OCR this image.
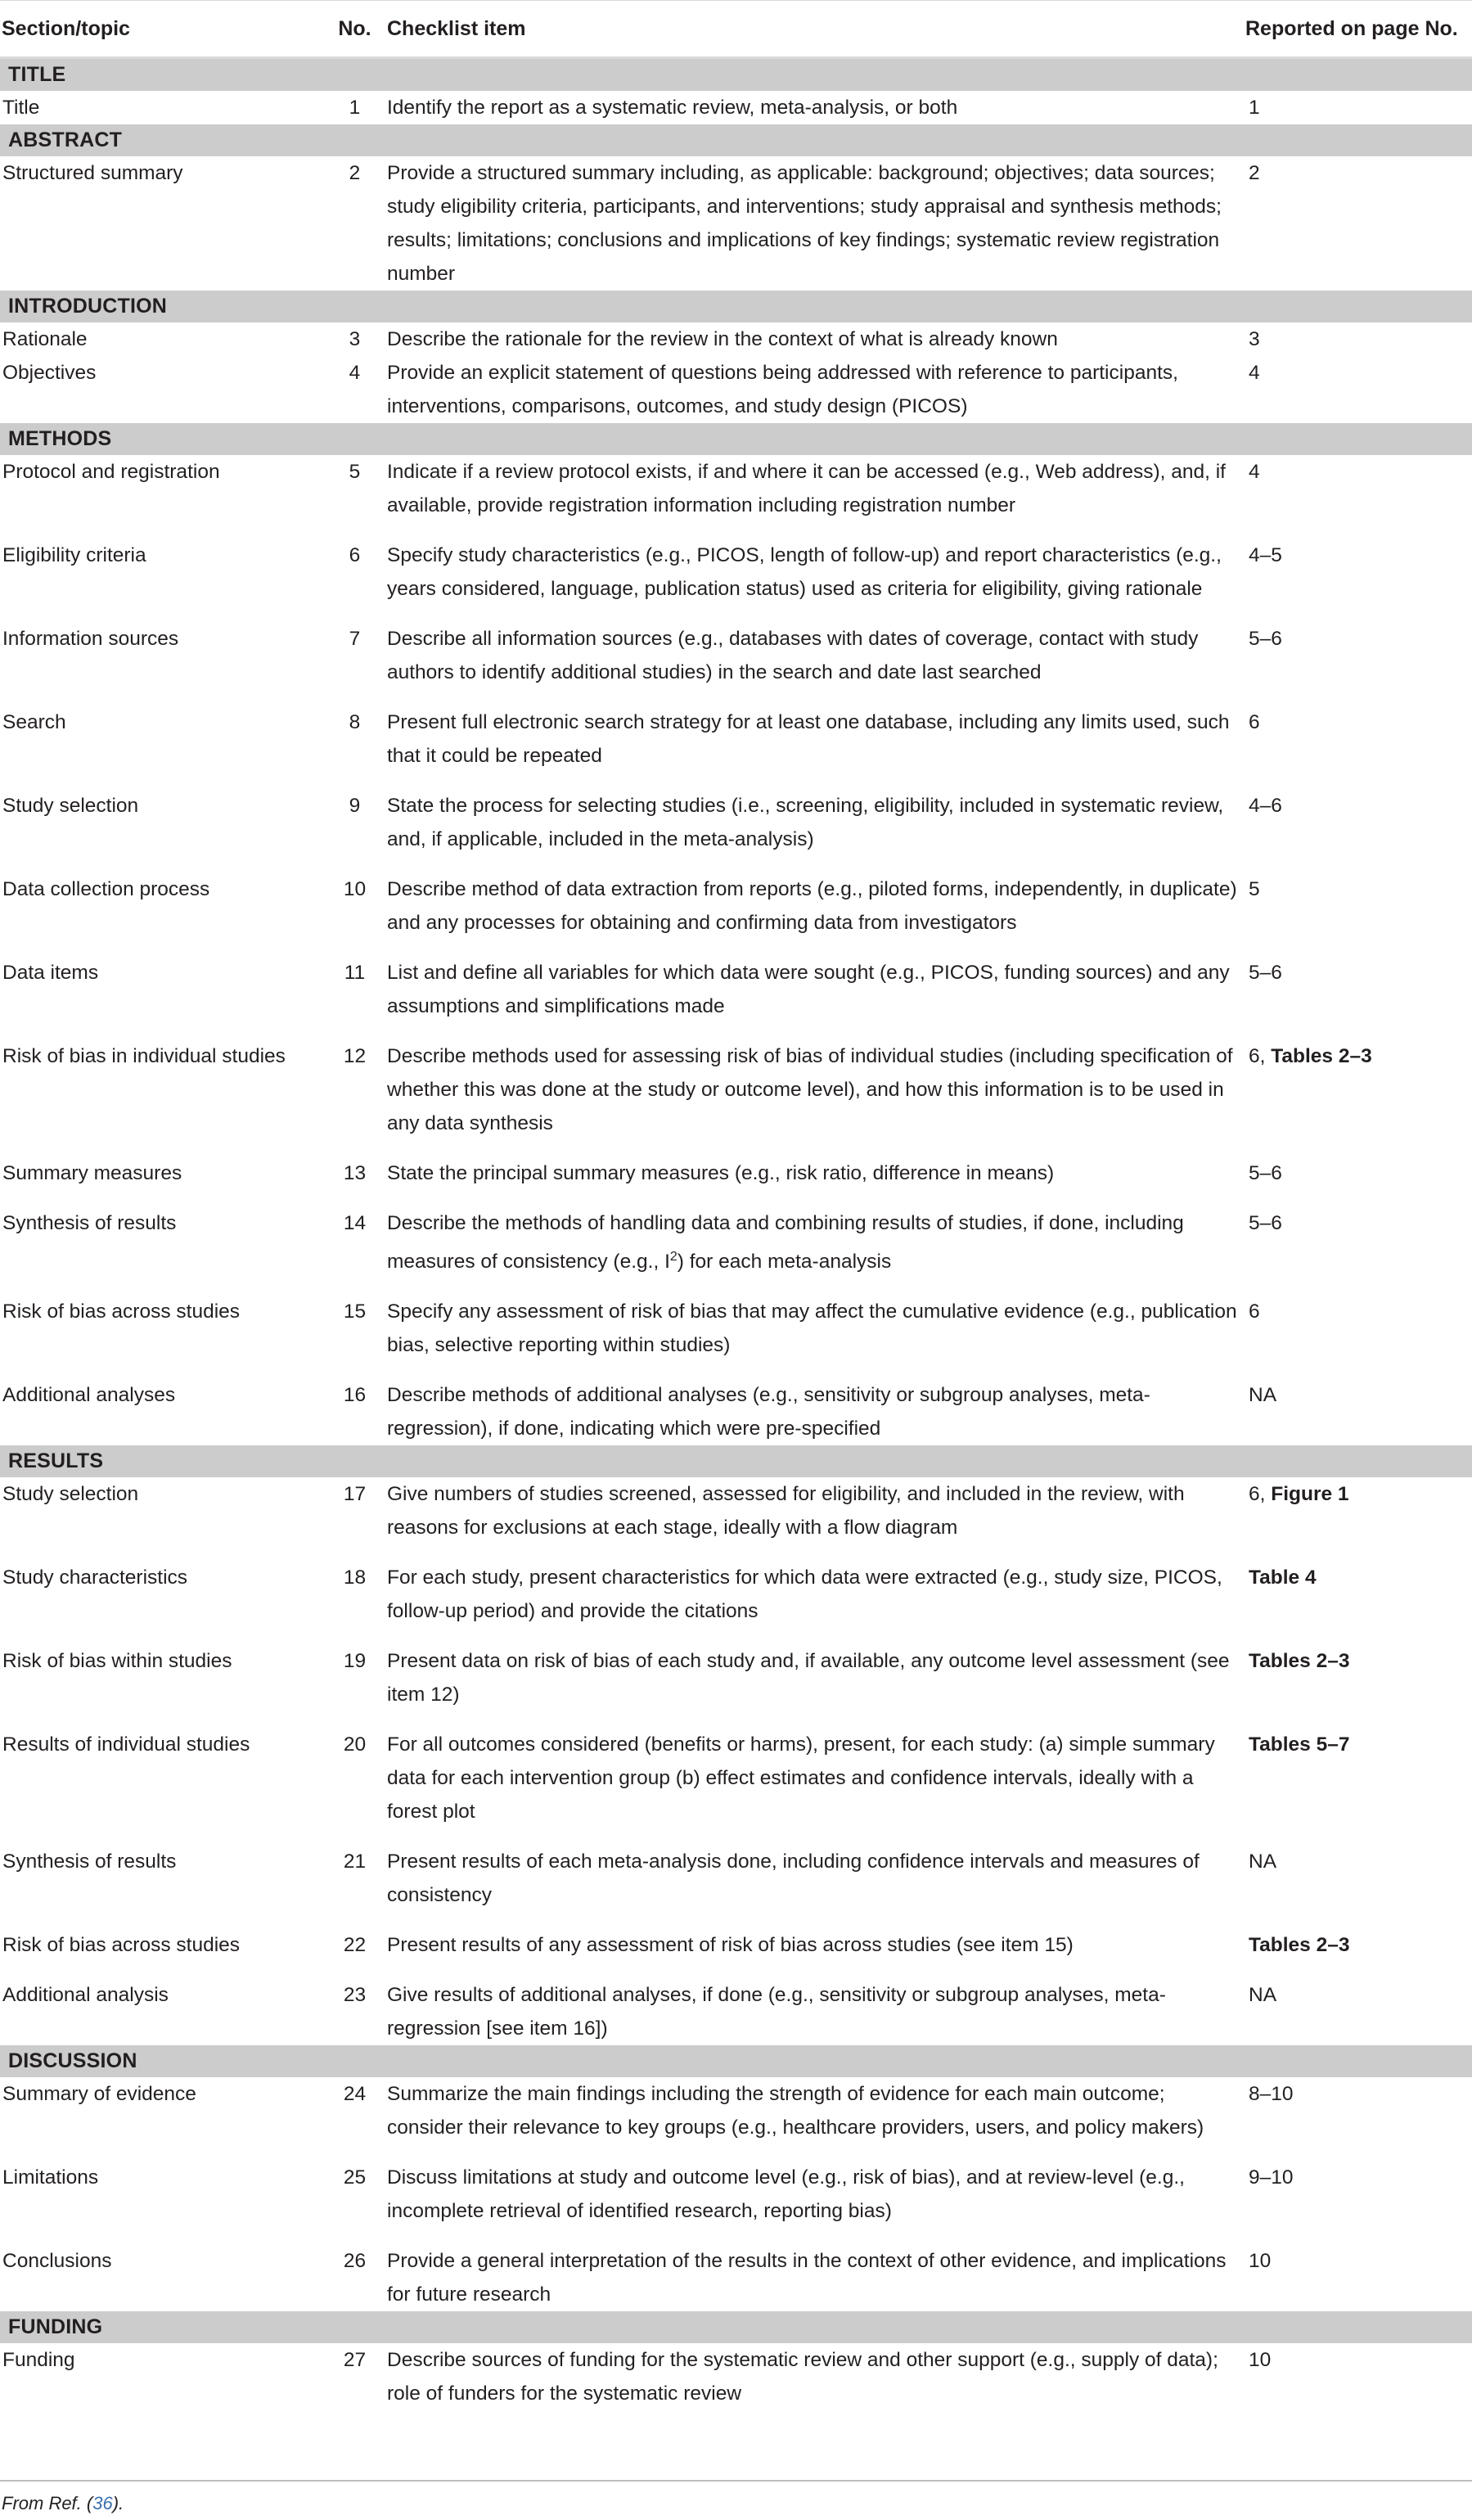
Section/topic	No.	Checklist item	Reported on page No.
TITLE			
Title	1	Identify the report as a systematic review, meta-analysis, or both	1
ABSTRACT			
Structured summary	2	Provide a structured summary including, as applicable: background; objectives; data sources; study eligibility criteria, participants, and interventions; study appraisal and synthesis methods; results; limitations; conclusions and implications of key findings; systematic review registration number	2
INTRODUCTION			
Rationale	3	Describe the rationale for the review in the context of what is already known	3
Objectives	4	Provide an explicit statement of questions being addressed with reference to participants, interventions, comparisons, outcomes, and study design (PICOS)	4
METHODS			
Protocol and registration	5	Indicate if a review protocol exists, if and where it can be accessed (e.g., Web address), and, if available, provide registration information including registration number	4
Eligibility criteria	6	Specify study characteristics (e.g., PICOS, length of follow-up) and report characteristics (e.g., years considered, language, publication status) used as criteria for eligibility, giving rationale	4–5
Information sources	7	Describe all information sources (e.g., databases with dates of coverage, contact with study authors to identify additional studies) in the search and date last searched	5–6
Search	8	Present full electronic search strategy for at least one database, including any limits used, such that it could be repeated	6
Study selection	9	State the process for selecting studies (i.e., screening, eligibility, included in systematic review, and, if applicable, included in the meta-analysis)	4–6
Data collection process	10	Describe method of data extraction from reports (e.g., piloted forms, independently, in duplicate) and any processes for obtaining and confirming data from investigators	5
Data items	11	List and define all variables for which data were sought (e.g., PICOS, funding sources) and any assumptions and simplifications made	5–6
Risk of bias in individual studies	12	Describe methods used for assessing risk of bias of individual studies (including specification of whether this was done at the study or outcome level), and how this information is to be used in any data synthesis	6, Tables 2–3
Summary measures	13	State the principal summary measures (e.g., risk ratio, difference in means)	5–6
Synthesis of results	14	Describe the methods of handling data and combining results of studies, if done, including measures of consistency (e.g., $I^2$) for each meta-analysis	5–6
Risk of bias across studies	15	Specify any assessment of risk of bias that may affect the cumulative evidence (e.g., publication bias, selective reporting within studies)	6
Additional analyses	16	Describe methods of additional analyses (e.g., sensitivity or subgroup analyses, meta-regression), if done, indicating which were pre-specified	NA
RESULTS			
Study selection	17	Give numbers of studies screened, assessed for eligibility, and included in the review, with reasons for exclusions at each stage, ideally with a flow diagram	6, Figure 1
Study characteristics	18	For each study, present characteristics for which data were extracted (e.g., study size, PICOS, follow-up period) and provide the citations	Table 4
Risk of bias within studies	19	Present data on risk of bias of each study and, if available, any outcome level assessment (see item 12)	Tables 2–3
Results of individual studies	20	For all outcomes considered (benefits or harms), present, for each study: (a) simple summary data for each intervention group (b) effect estimates and confidence intervals, ideally with a forest plot	Tables 5–7
Synthesis of results	21	Present results of each meta-analysis done, including confidence intervals and measures of consistency	NA
Risk of bias across studies	22	Present results of any assessment of risk of bias across studies (see item 15)	Tables 2–3
Additional analysis	23	Give results of additional analyses, if done (e.g., sensitivity or subgroup analyses, meta-regression [see item 16])	NA
DISCUSSION			
Summary of evidence	24	Summarize the main findings including the strength of evidence for each main outcome; consider their relevance to key groups (e.g., healthcare providers, users, and policy makers)	8–10
Limitations	25	Discuss limitations at study and outcome level (e.g., risk of bias), and at review-level (e.g., incomplete retrieval of identified research, reporting bias)	9–10
Conclusions	26	Provide a general interpretation of the results in the context of other evidence, and implications for future research	10
FUNDING			
Funding	27	Describe sources of funding for the systematic review and other support (e.g., supply of data); role of funders for the systematic review	10
From Ref. (36).
